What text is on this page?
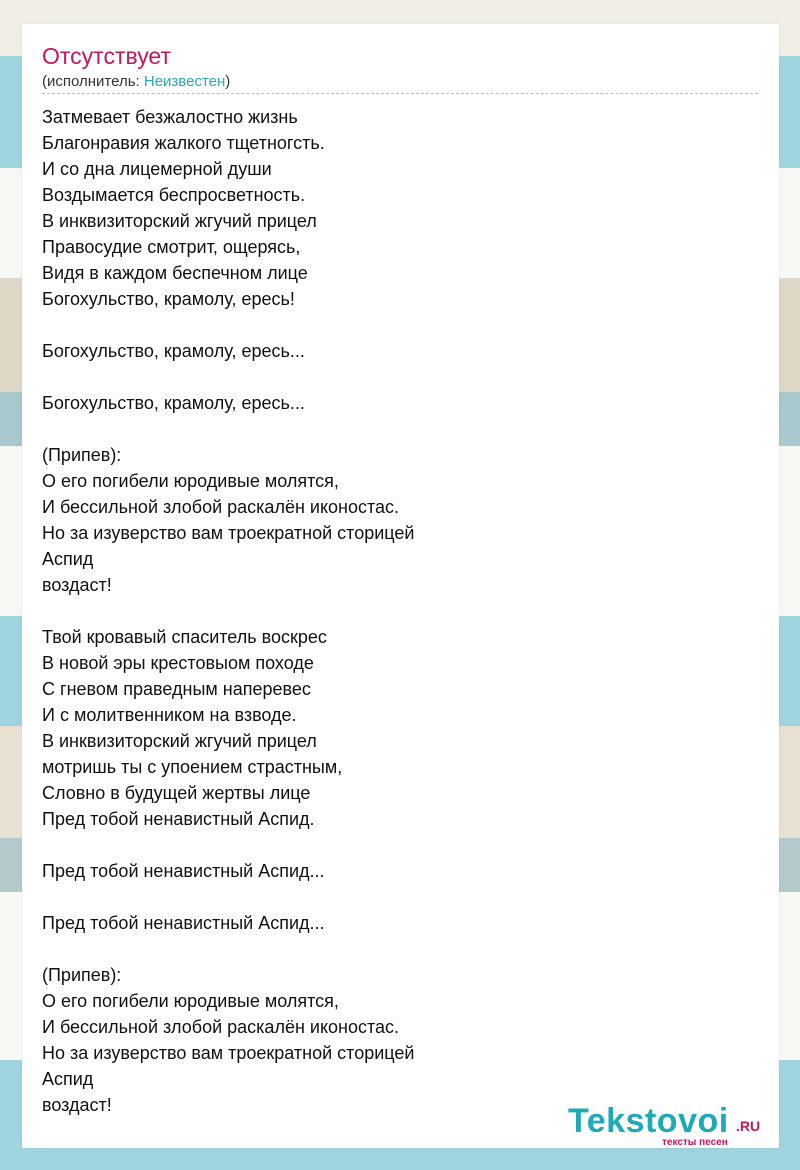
Отсутствует
(исполнитель: Неизвестен)
Затмевает безжалостно жизнь
Благонравия жалкого тщетногсть.
И со дна лицемерной души
Воздымается беспросветность.
В инквизиторский жгучий прицел
Правосудие смотрит, ощерясь,
Видя в каждом беспечном лице
Богохульство, крамолу, ересь!
Богохульство, крамолу, ересь...
Богохульство, крамолу, ересь...
(Припев):
О его погибели юродивые молятся,
И бессильной злобой раскалён иконостас.
Но за изуверство вам троекратной сторицей
Аспид
воздаст!
Твой кровавый спаситель воскрес
В новой эры крестовыом походе
С гневом праведным наперевес
И с молитвенником на взводе.
В инквизиторский жгучий прицел
мотришь ты с упоением страстным,
Словно в будущей жертвы лице
Пред тобой ненавистный Аспид.
Пред тобой ненавистный Аспид...
Пред тобой ненавистный Аспид...
(Припев):
О его погибели юродивые молятся,
И бессильной злобой раскалён иконостас.
Но за изуверство вам троекратной сторицей
Аспид
воздаст!	Tekstovoi .RU
тексты песен
